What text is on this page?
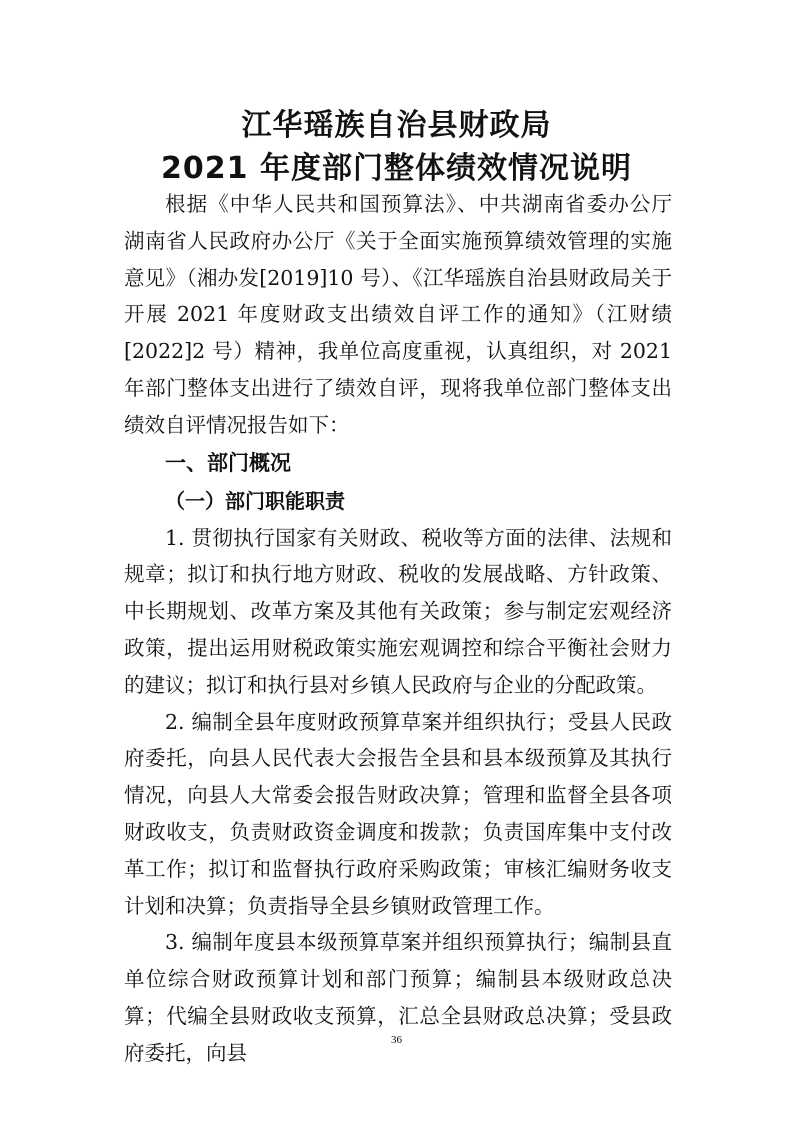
江华瑶族自治县财政局
2021 年度部门整体绩效情况说明

根据《中华人民共和国预算法》、中共湖南省委办公厅 湖南省人民政府办公厅《关于全面实施预算绩效管理的实施意见》（湘办发[2019]10 号）、《江华瑶族自治县财政局关于开展 2021 年度财政支出绩效自评工作的通知》（江财绩[2022]2 号）精神，我单位高度重视，认真组织，对 2021 年部门整体支出进行了绩效自评，现将我单位部门整体支出绩效自评情况报告如下：

一、部门概况

（一）部门职能职责

1. 贯彻执行国家有关财政、税收等方面的法律、法规和规章；拟订和执行地方财政、税收的发展战略、方针政策、中长期规划、改革方案及其他有关政策；参与制定宏观经济政策，提出运用财税政策实施宏观调控和综合平衡社会财力的建议；拟订和执行县对乡镇人民政府与企业的分配政策。

2. 编制全县年度财政预算草案并组织执行；受县人民政府委托，向县人民代表大会报告全县和县本级预算及其执行情况，向县人大常委会报告财政决算；管理和监督全县各项财政收支，负责财政资金调度和拨款；负责国库集中支付改革工作；拟订和监督执行政府采购政策；审核汇编财务收支计划和决算；负责指导全县乡镇财政管理工作。

3. 编制年度县本级预算草案并组织预算执行；编制县直单位综合财政预算计划和部门预算；编制县本级财政总决算；代编全县财政收支预算，汇总全县财政总决算；受县政府委托，向县

36
